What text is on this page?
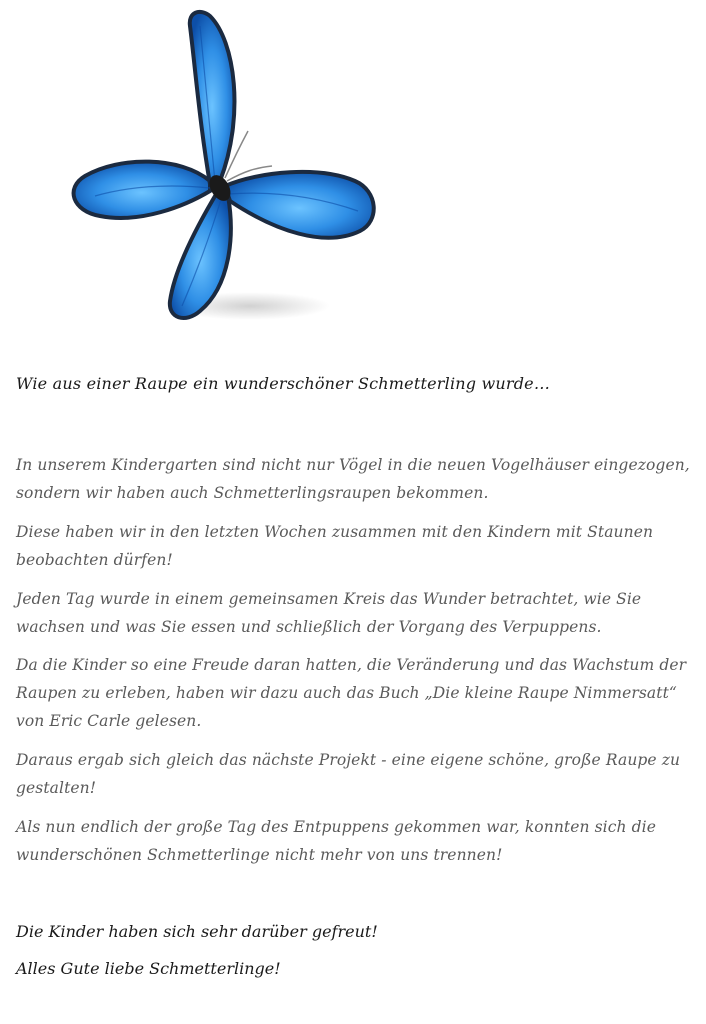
Wie aus einer Raupe ein wunderschöner Schmetterling wurde…
In unserem Kindergarten sind nicht nur Vögel in die neuen Vogelhäuser eingezogen, sondern wir haben auch Schmetterlingsraupen bekommen.
Diese haben wir in den letzten Wochen zusammen mit den Kindern mit Staunen beobachten dürfen!
Jeden Tag wurde in einem gemeinsamen Kreis das Wunder betrachtet, wie Sie wachsen und was Sie essen und schließlich der Vorgang des Verpuppens.
Da die Kinder so eine Freude daran hatten, die Veränderung und das Wachstum der Raupen zu erleben, haben wir dazu auch das Buch „Die kleine Raupe Nimmersatt“ von Eric Carle gelesen.
Daraus ergab sich gleich das nächste Projekt - eine eigene schöne, große Raupe zu gestalten!
Als nun endlich der große Tag des Entpuppens gekommen war, konnten sich die wunderschönen Schmetterlinge nicht mehr von uns trennen!
Die Kinder haben sich sehr darüber gefreut!
Alles Gute liebe Schmetterlinge!
